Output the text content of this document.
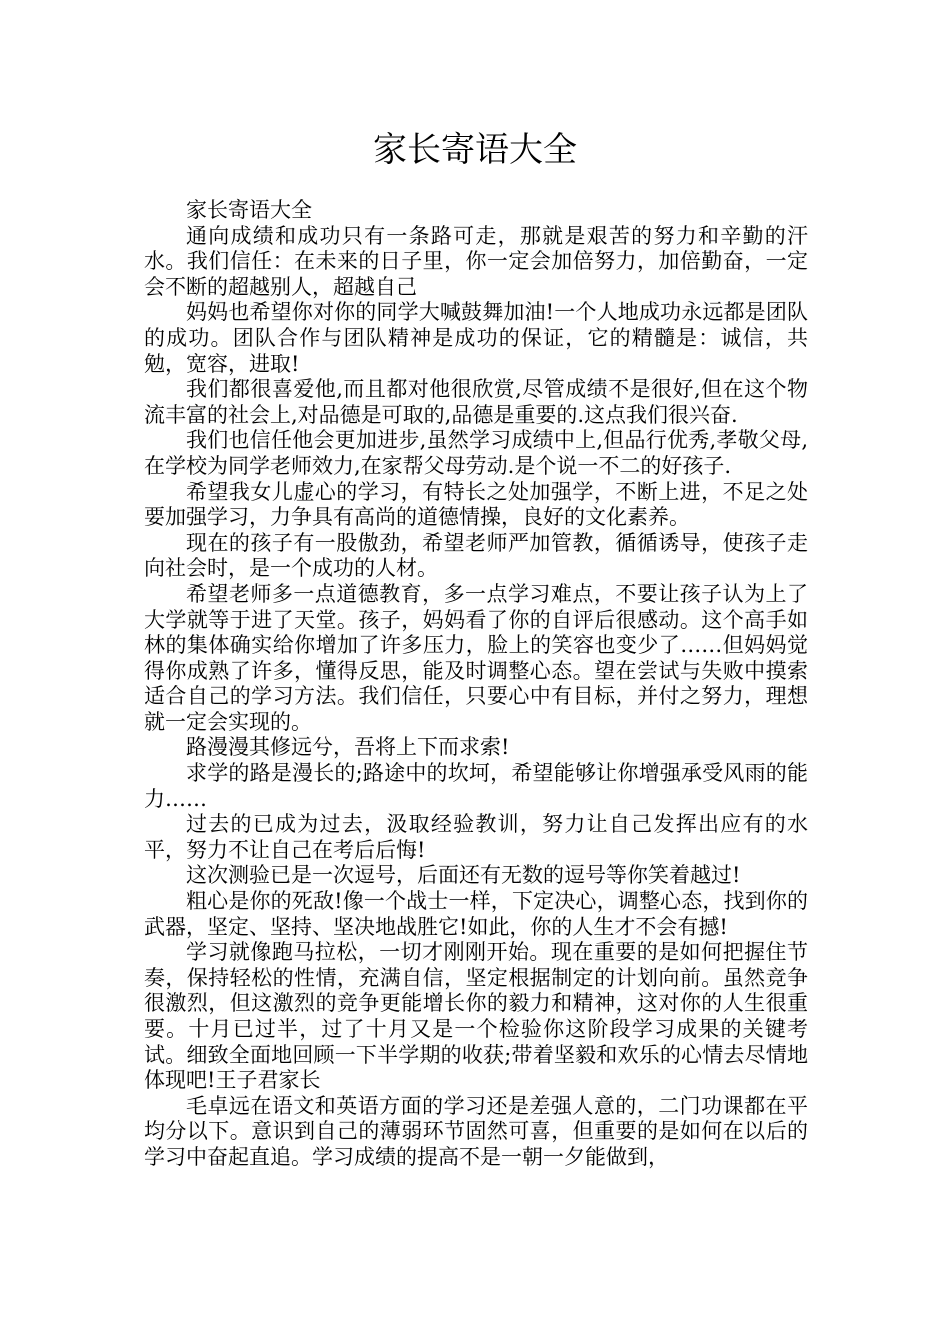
家长寄语大全

家长寄语大全

通向成绩和成功只有一条路可走，那就是艰苦的努力和辛勤的汗水。我们信任：在未来的日子里，你一定会加倍努力，加倍勤奋，一定会不断的超越别人，超越自己

妈妈也希望你对你的同学大喊鼓舞加油!一个人地成功永远都是团队的成功。团队合作与团队精神是成功的保证，它的精髓是：诚信，共勉，宽容，进取!

我们都很喜爱他,而且都对他很欣赏,尽管成绩不是很好,但在这个物流丰富的社会上,对品德是可取的,品德是重要的.这点我们很兴奋.

我们也信任他会更加进步,虽然学习成绩中上,但品行优秀,孝敬父母,在学校为同学老师效力,在家帮父母劳动.是个说一不二的好孩子.

希望我女儿虚心的学习，有特长之处加强学，不断上进，不足之处要加强学习，力争具有高尚的道德情操，良好的文化素养。

现在的孩子有一股傲劲，希望老师严加管教，循循诱导，使孩子走向社会时，是一个成功的人材。

希望老师多一点道德教育，多一点学习难点，不要让孩子认为上了大学就等于进了天堂。孩子，妈妈看了你的自评后很感动。这个高手如林的集体确实给你增加了许多压力，脸上的笑容也变少了……但妈妈觉得你成熟了许多，懂得反思，能及时调整心态。望在尝试与失败中摸索适合自己的学习方法。我们信任，只要心中有目标，并付之努力，理想就一定会实现的。

路漫漫其修远兮，吾将上下而求索!

求学的路是漫长的;路途中的坎坷，希望能够让你增强承受风雨的能力……

过去的已成为过去，汲取经验教训，努力让自己发挥出应有的水平，努力不让自己在考后后悔!

这次测验已是一次逗号，后面还有无数的逗号等你笑着越过!

粗心是你的死敌!像一个战士一样，下定决心，调整心态，找到你的武器，坚定、坚持、坚决地战胜它!如此，你的人生才不会有撼!

学习就像跑马拉松，一切才刚刚开始。现在重要的是如何把握住节奏，保持轻松的性情，充满自信，坚定根据制定的计划向前。虽然竞争很激烈，但这激烈的竞争更能增长你的毅力和精神，这对你的人生很重要。十月已过半，过了十月又是一个检验你这阶段学习成果的关键考试。细致全面地回顾一下半学期的收获;带着坚毅和欢乐的心情去尽情地体现吧!王子君家长

毛卓远在语文和英语方面的学习还是差强人意的，二门功课都在平均分以下。意识到自己的薄弱环节固然可喜，但重要的是如何在以后的学习中奋起直追。学习成绩的提高不是一朝一夕能做到，
